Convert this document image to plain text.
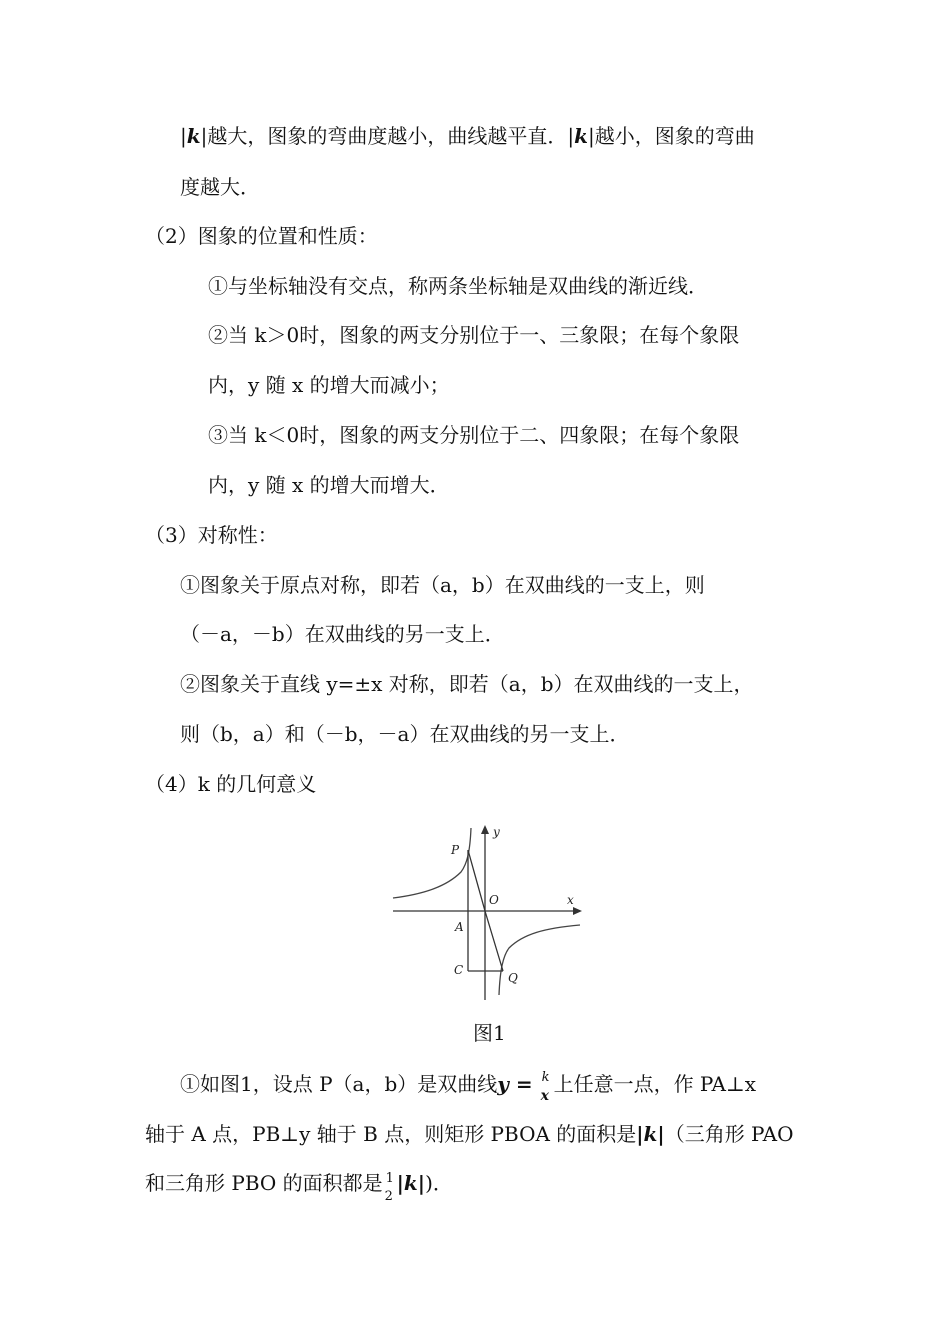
|k|越大，图象的弯曲度越小，曲线越平直．|k|越小，图象的弯曲
度越大．
（2）图象的位置和性质：
①与坐标轴没有交点，称两条坐标轴是双曲线的渐近线．
②当 k＞0时，图象的两支分别位于一、三象限；在每个象限
内，y 随 x 的增大而减小；
③当 k＜0时，图象的两支分别位于二、四象限；在每个象限
内，y 随 x 的增大而增大．
（3）对称性：
①图象关于原点对称，即若（a，b）在双曲线的一支上，则
（－a，－b）在双曲线的另一支上．
②图象关于直线 y=±x 对称，即若（a，b）在双曲线的一支上，
则（b，a）和（－b，－a）在双曲线的另一支上．
（4）k 的几何意义
y
x
P
O
A
C
Q
图1
①如图1，设点 P（a，b）是双曲线y = k
x 上任意一点，作 PA⊥x
轴于 A 点，PB⊥y 轴于 B 点，则矩形 PBOA 的面积是|k|（三角形 PAO
和三角形 PBO 的面积都是 1
2
|k|)．
